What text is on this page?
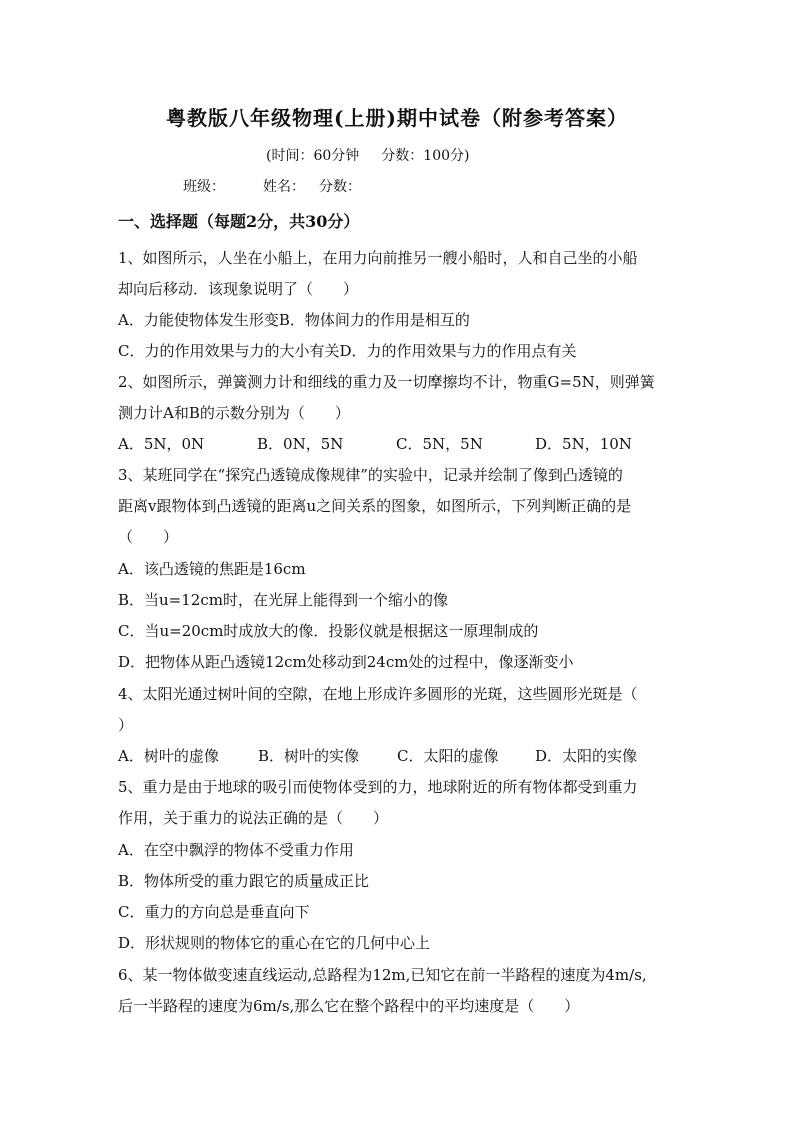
粤教版八年级物理(上册)期中试卷（附参考答案）
(时间：60分钟 分数：100分)
班级：	姓名： 分数：
一、选择题（每题2分，共30分）
1、如图所示，人坐在小船上，在用力向前推另一艘小船时，人和自己坐的小船
却向后移动．该现象说明了（　　）
A．力能使物体发生形变B．物体间力的作用是相互的
C．力的作用效果与力的大小有关D．力的作用效果与力的作用点有关
2、如图所示，弹簧测力计和细线的重力及一切摩擦均不计，物重G=5N，则弹簧
测力计A和B的示数分别为（　　）
A．5N，0N	B．0N，5N	C．5N，5N	D．5N，10N
3、某班同学在“探究凸透镜成像规律”的实验中，记录并绘制了像到凸透镜的
距离v跟物体到凸透镜的距离u之间关系的图象，如图所示，下列判断正确的是
（　　）
A．该凸透镜的焦距是16cm
B．当u=12cm时，在光屏上能得到一个缩小的像
C．当u=20cm时成放大的像．投影仪就是根据这一原理制成的
D．把物体从距凸透镜12cm处移动到24cm处的过程中，像逐渐变小
4、太阳光通过树叶间的空隙，在地上形成许多圆形的光斑，这些圆形光斑是（
）
A．树叶的虚像	B．树叶的实像	C．太阳的虚像 D．太阳的实像
5、重力是由于地球的吸引而使物体受到的力，地球附近的所有物体都受到重力
作用，关于重力的说法正确的是（　　）
A．在空中飘浮的物体不受重力作用
B．物体所受的重力跟它的质量成正比
C．重力的方向总是垂直向下
D．形状规则的物体它的重心在它的几何中心上
6、某一物体做变速直线运动,总路程为12m,已知它在前一半路程的速度为4m/s,
后一半路程的速度为6m/s,那么它在整个路程中的平均速度是（　　）
